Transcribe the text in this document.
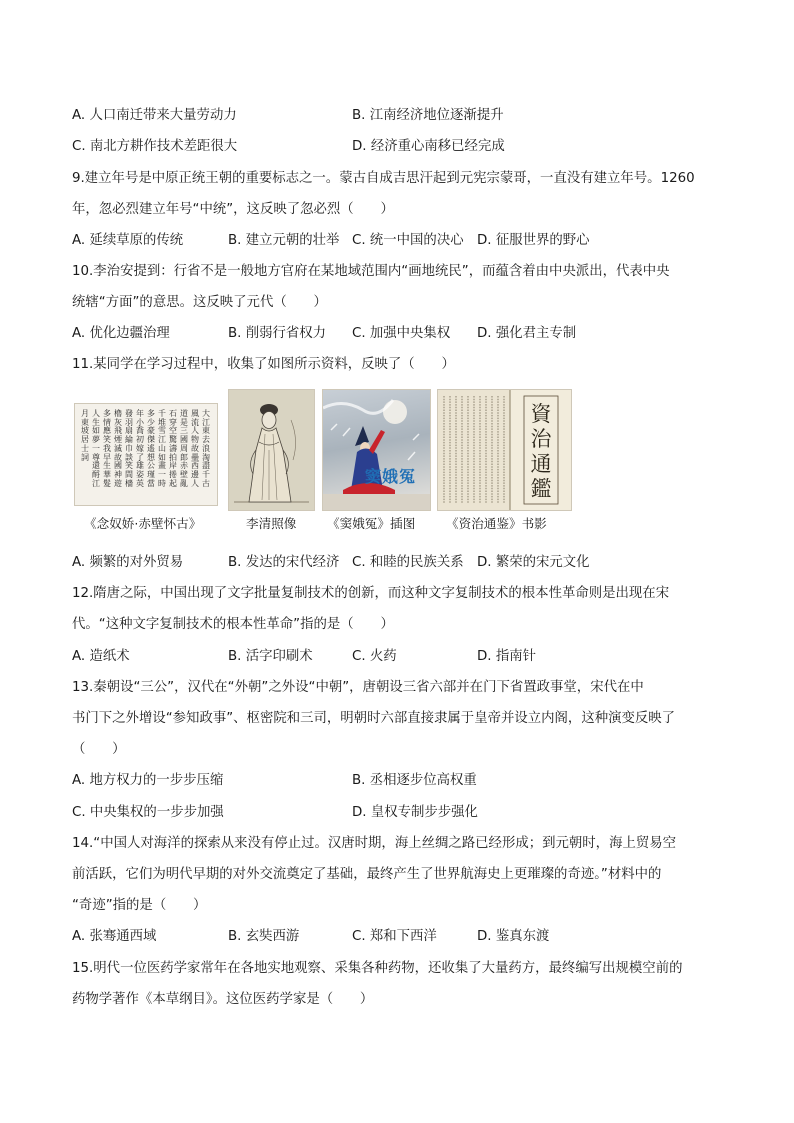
A. 人口南迁带来大量劳动力	B. 江南经济地位逐渐提升
C. 南北方耕作技术差距很大	D. 经济重心南移已经完成
9.建立年号是中原正统王朝的重要标志之一。蒙古自成吉思汗起到元宪宗蒙哥，一直没有建立年号。1260
年，忽必烈建立年号“中统”，这反映了忽必烈（　　）
A. 延续草原的传统	B. 建立元朝的壮举 C. 统一中国的决心 D. 征服世界的野心
10.李治安提到：行省不是一般地方官府在某地域范围内“画地统民”，而蕴含着由中央派出，代表中央
统辖“方面”的意思。这反映了元代（　　）
A. 优化边疆治理	B. 削弱行省权力 C. 加强中央集权 D. 强化君主专制
11.某同学在学习过程中，收集了如图所示资料，反映了（　　）
大江東去浪淘盡千古
風流人物故壘西邊人
道是三國周郎赤壁亂
石穿空驚濤拍岸捲起
千堆雪江山如畫一時
多少豪傑遙想公瑾當
年小喬初嫁了雄姿英
發羽扇綸巾談笑間檣
櫓灰飛煙滅故國神遊
多情應笑我早生華髮
人生如夢一尊還酹江
月東坡居士詞
窦娥冤
資治通鑑
《念奴娇·赤壁怀古》	李清照像 《窦娥冤》插图 《资治通鉴》书影
A. 频繁的对外贸易	B. 发达的宋代经济 C. 和睦的民族关系 D. 繁荣的宋元文化
12.隋唐之际，中国出现了文字批量复制技术的创新，而这种文字复制技术的根本性革命则是出现在宋
代。“这种文字复制技术的根本性革命”指的是（　　）
A. 造纸术	B. 活字印刷术	C. 火药	D. 指南针
13.秦朝设“三公”，汉代在“外朝”之外设“中朝”，唐朝设三省六部并在门下省置政事堂，宋代在中
书门下之外增设“参知政事”、枢密院和三司，明朝时六部直接隶属于皇帝并设立内阁，这种演变反映了
（　　）
A. 地方权力的一步步压缩	B. 丞相逐步位高权重
C. 中央集权的一步步加强	D. 皇权专制步步强化
14.“中国人对海洋的探索从来没有停止过。汉唐时期，海上丝绸之路已经形成；到元朝时，海上贸易空
前活跃，它们为明代早期的对外交流奠定了基础，最终产生了世界航海史上更璀璨的奇迹。”材料中的
“奇迹”指的是（　　）
A. 张骞通西域	B. 玄奘西游	C. 郑和下西洋	D. 鉴真东渡
15.明代一位医药学家常年在各地实地观察、采集各种药物，还收集了大量药方，最终编写出规模空前的
药物学著作《本草纲目》。这位医药学家是（　　）
